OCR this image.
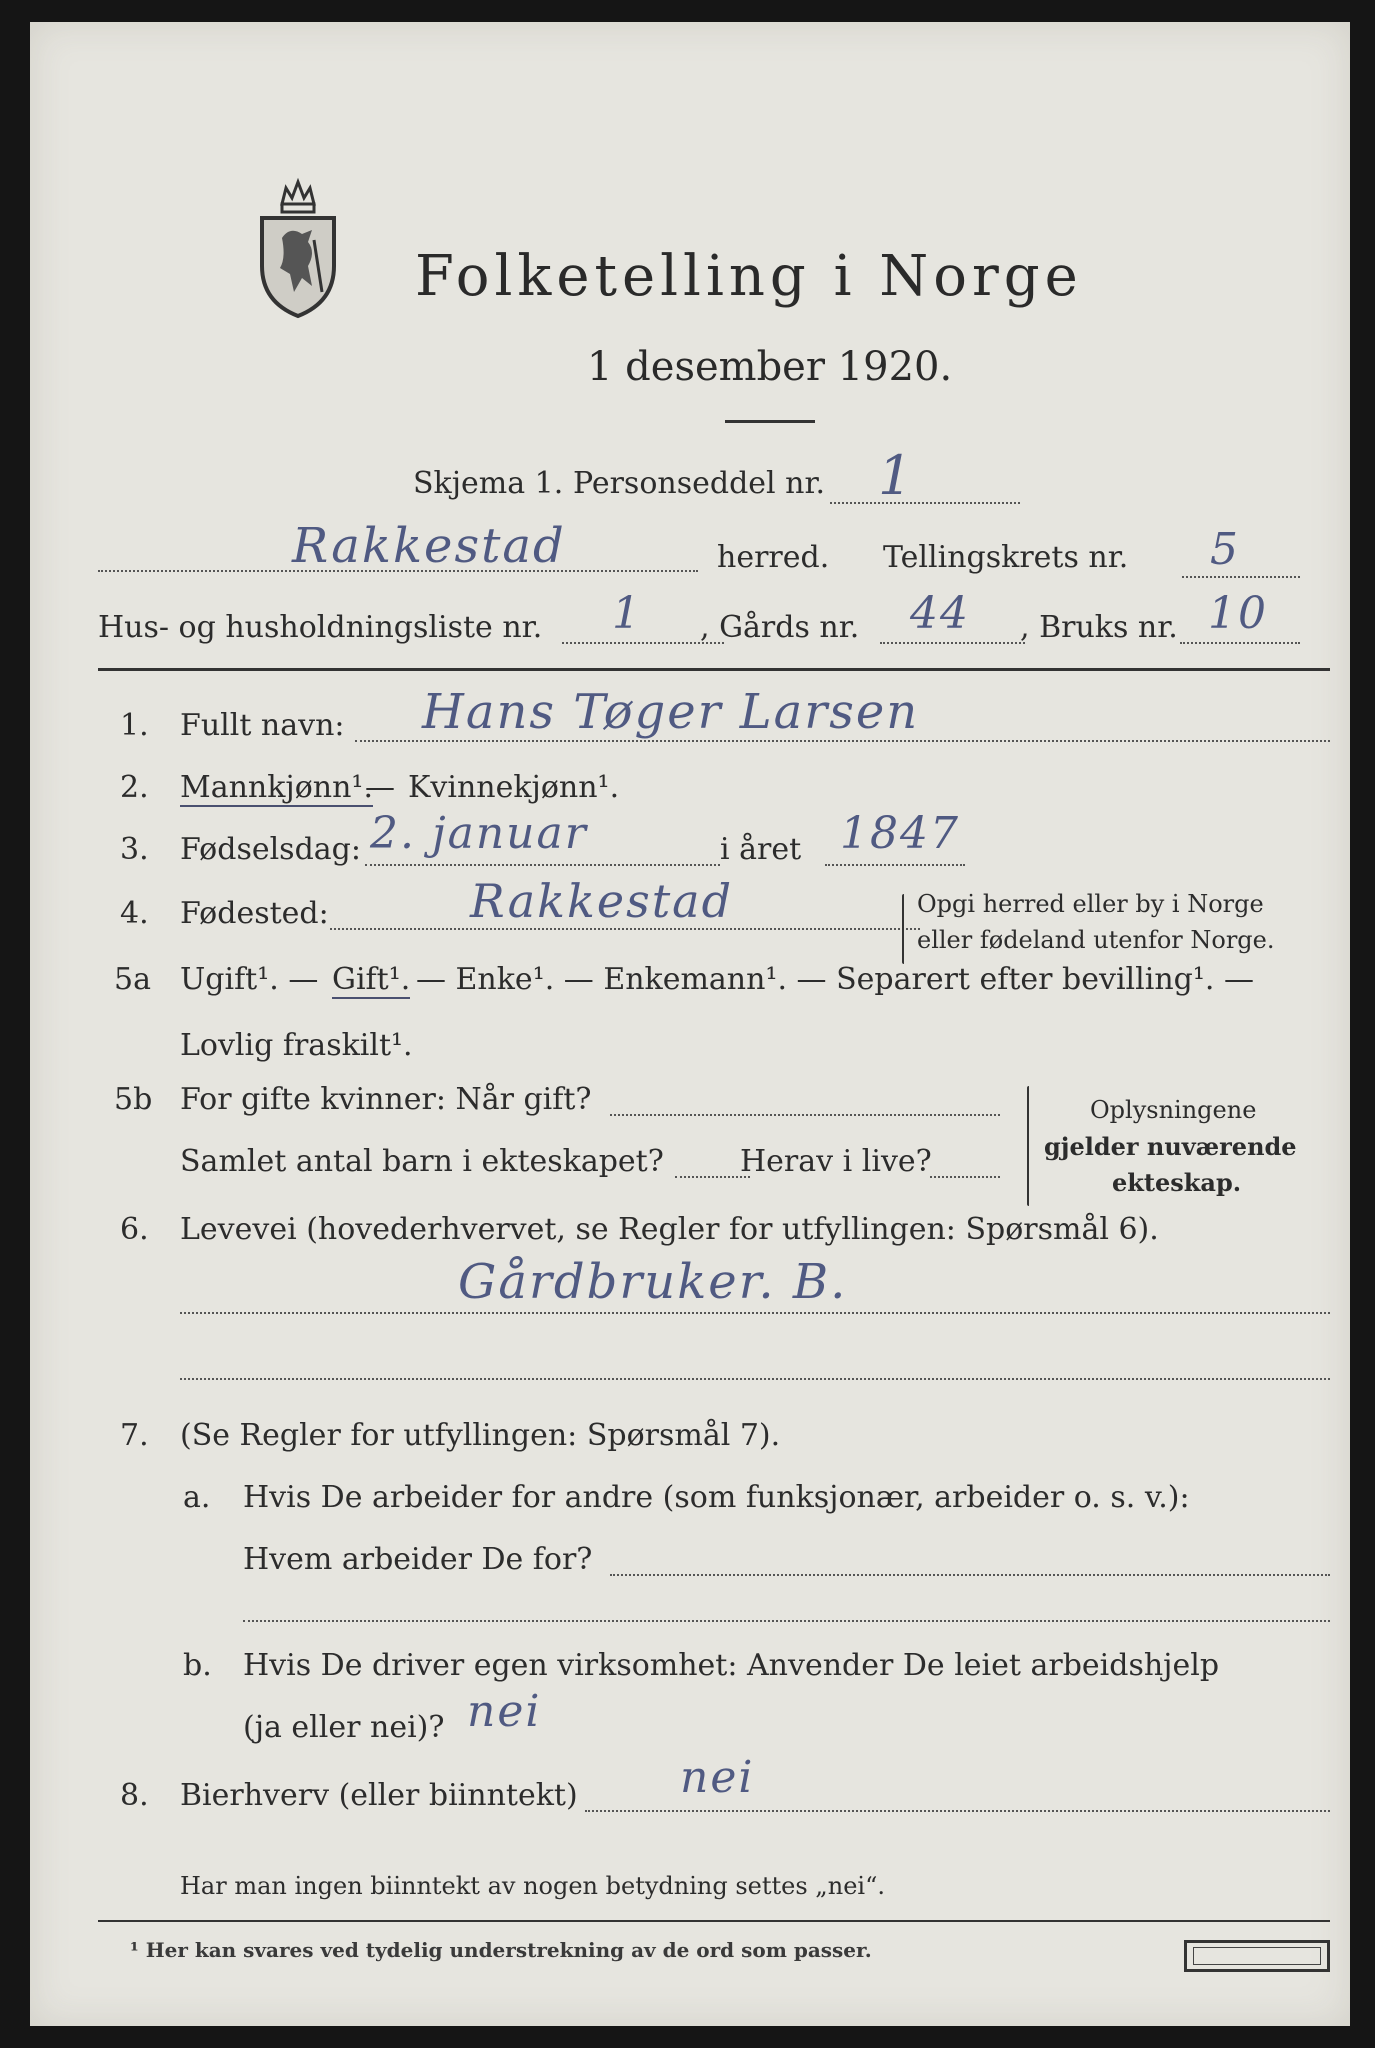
Folketelling i Norge
1 desember 1920.
Skjema 1. Personseddel nr. 1
Rakkestad	herred. Tellingskrets nr. 5
Hus- og husholdningsliste nr. 1 , Gårds nr. 44 , Bruks nr. 10
1. Fullt navn: Hans Tøger Larsen
2. Mannkjønn¹.
— Kvinnekjønn¹.
3. Fødselsdag: 2. januar	i året 1847
4. Fødested:	Rakkestad	Opgi herred eller by i Norge
eller fødeland utenfor Norge.
5a Ugift¹. — Gift¹. — Enke¹. — Enkemann¹. — Separert efter bevilling¹. —
Lovlig fraskilt¹.
5b For gifte kvinner: Når gift?
Samlet antal barn i ekteskapet?	Herav i live?
Oplysningene
gjelder nuværende
ekteskap.
6. Levevei (hovederhvervet, se Regler for utfyllingen: Spørsmål 6).
Gårdbruker. B.
7. (Se Regler for utfyllingen: Spørsmål 7).
a. Hvis De arbeider for andre (som funksjonær, arbeider o. s. v.):
Hvem arbeider De for?
b. Hvis De driver egen virksomhet: Anvender De leiet arbeidshjelp
(ja eller nei)? nei
8. Bierhverv (eller biinntekt) nei
Har man ingen biinntekt av nogen betydning settes „nei“.
¹ Her kan svares ved tydelig understrekning av de ord som passer.
